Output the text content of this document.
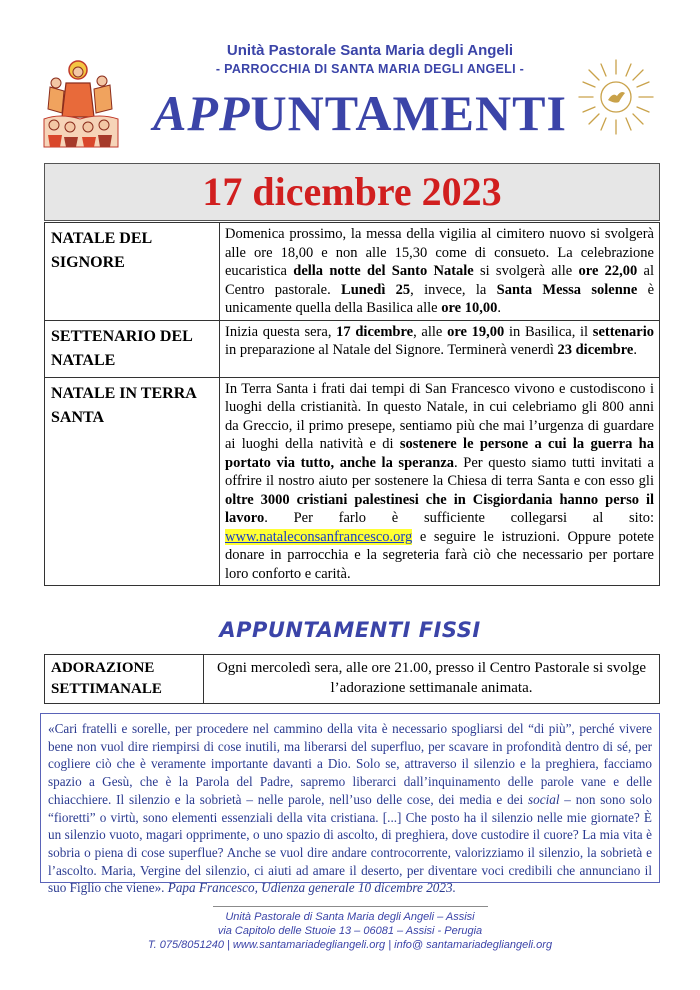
Unità Pastorale Santa Maria degli Angeli
- PARROCCHIA DI SANTA MARIA DEGLI ANGELI -
APPUNTAMENTI
17 dicembre 2023
NATALE DEL SIGNORE	Domenica prossimo, la messa della vigilia al cimitero nuovo si svolgerà alle ore 18,00 e non alle 15,30 come di consueto. La celebrazione eucaristica della notte del Santo Natale si svolgerà alle ore 22,00 al Centro pastorale. Lunedì 25, invece, la Santa Messa solenne è unicamente quella della Basilica alle ore 10,00.
SETTENARIO DEL NATALE	Inizia questa sera, 17 dicembre, alle ore 19,00 in Basilica, il settenario in preparazione al Natale del Signore. Terminerà venerdì 23 dicembre.
NATALE IN TERRA SANTA	In Terra Santa i frati dai tempi di San Francesco vivono e custodiscono i luoghi della cristianità. In questo Natale, in cui celebriamo gli 800 anni da Greccio, il primo presepe, sentiamo più che mai l’urgenza di guardare ai luoghi della natività e di sostenere le persone a cui la guerra ha portato via tutto, anche la speranza. Per questo siamo tutti invitati a offrire il nostro aiuto per sostenere la Chiesa di terra Santa e con esso gli oltre 3000 cristiani palestinesi che in Cisgiordania hanno perso il lavoro. Per farlo è sufficiente collegarsi al sito: www.nataleconsanfrancesco.org e seguire le istruzioni. Oppure potete donare in parrocchia e la segreteria farà ciò che necessario per portare loro conforto e carità.
APPUNTAMENTI FISSI
ADORAZIONE SETTIMANALE	Ogni mercoledì sera, alle ore 21.00, presso il Centro Pastorale si svolge l’adorazione settimanale animata.
«Cari fratelli e sorelle, per procedere nel cammino della vita è necessario spogliarsi del “di più”, perché vivere bene non vuol dire riempirsi di cose inutili, ma liberarsi del superfluo, per scavare in profondità dentro di sé, per cogliere ciò che è veramente importante davanti a Dio. Solo se, attraverso il silenzio e la preghiera, facciamo spazio a Gesù, che è la Parola del Padre, sapremo liberarci dall’inquinamento delle parole vane e delle chiacchiere. Il silenzio e la sobrietà – nelle parole, nell’uso delle cose, dei media e dei social – non sono solo “fioretti” o virtù, sono elementi essenziali della vita cristiana. [...] Che posto ha il silenzio nelle mie giornate? È un silenzio vuoto, magari opprimente, o uno spazio di ascolto, di preghiera, dove custodire il cuore? La mia vita è sobria o piena di cose superflue? Anche se vuol dire andare controcorrente, valorizziamo il silenzio, la sobrietà e l’ascolto. Maria, Vergine del silenzio, ci aiuti ad amare il deserto, per diventare voci credibili che annunciano il suo Figlio che viene». Papa Francesco, Udienza generale 10 dicembre 2023.
Unità Pastorale di Santa Maria degli Angeli – Assisi
via Capitolo delle Stuoie 13 – 06081 – Assisi - Perugia
T. 075/8051240 | www.santamariadegliangeli.org | info@ santamariadegliangeli.org
